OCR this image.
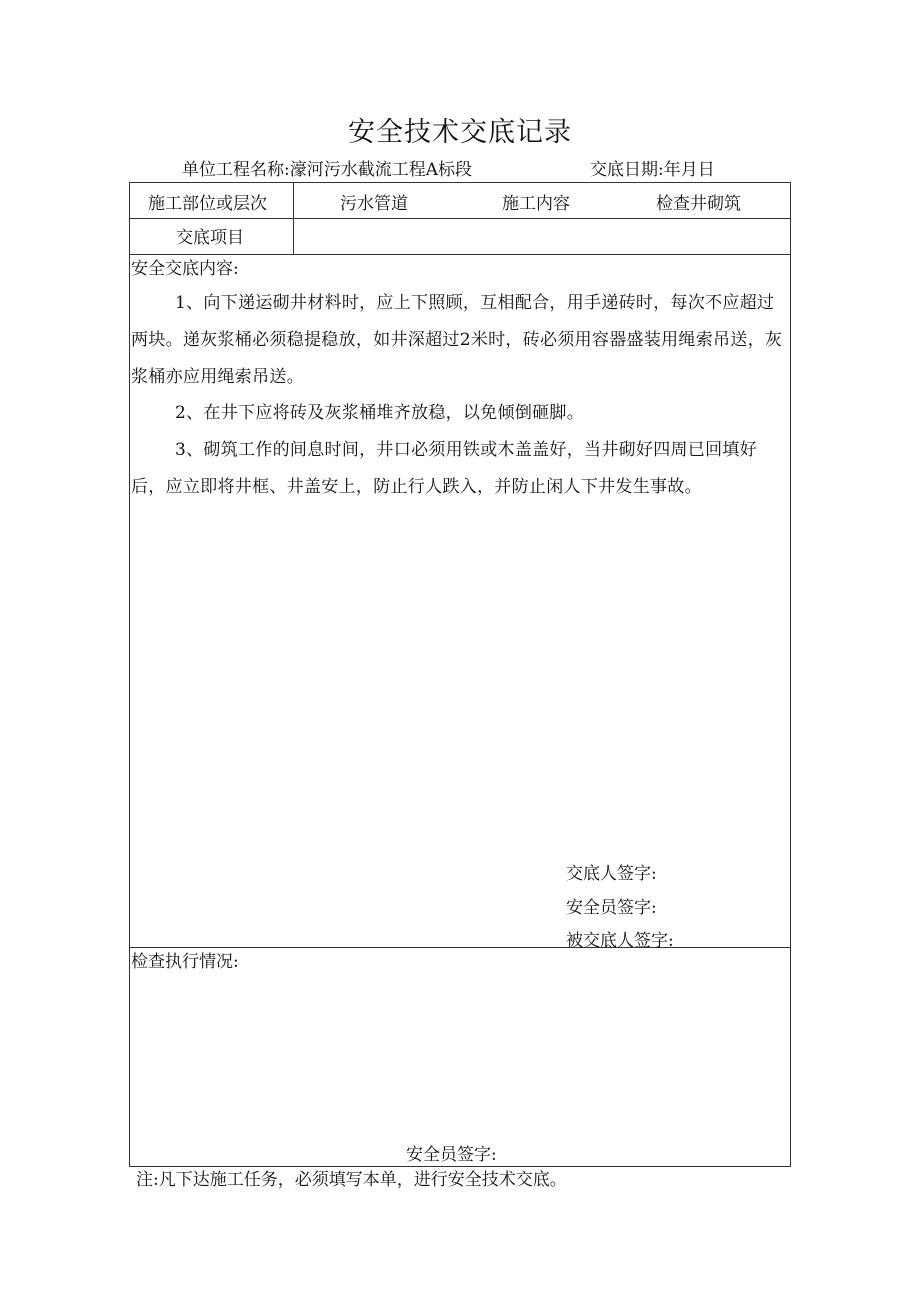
安全技术交底记录
单位工程名称:濠河污水截流工程A标段	交底日期:年月日
施工部位或层次	污水管道	施工内容	检查井砌筑
交底项目
安全交底内容:
1、向下递运砌井材料时，应上下照顾，互相配合，用手递砖时，每次不应超过两块。递灰浆桶必须稳提稳放，如井深超过2米时，砖必须用容器盛装用绳索吊送，灰浆桶亦应用绳索吊送。
2、在井下应将砖及灰浆桶堆齐放稳，以免倾倒砸脚。
3、砌筑工作的间息时间，井口必须用铁或木盖盖好，当井砌好四周已回填好后，应立即将井框、井盖安上，防止行人跌入，并防止闲人下井发生事故。
交底人签字:
安全员签字:
被交底人签字:
检查执行情况:
安全员签字:
注:凡下达施工任务，必须填写本单，进行安全技术交底。
